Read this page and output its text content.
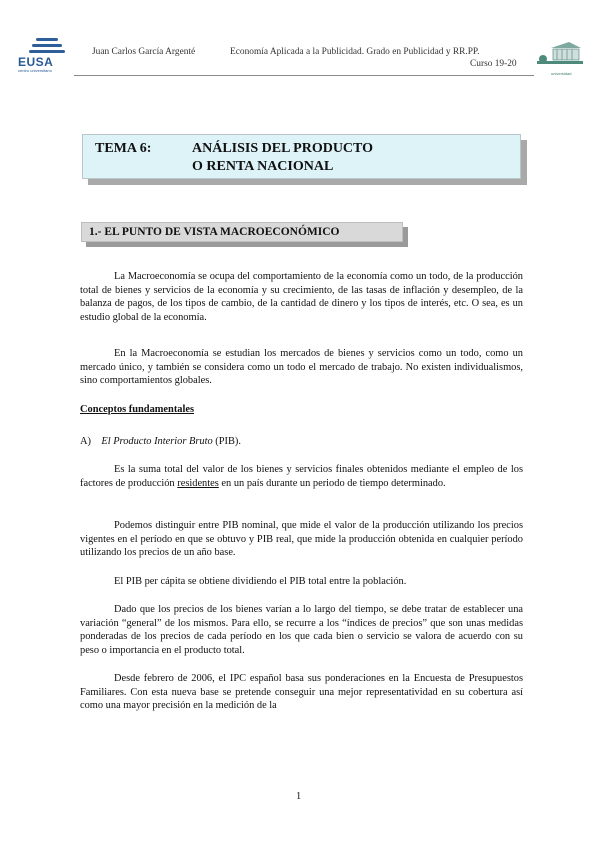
EUSA
centro universitario
Juan Carlos García Argenté	Economía Aplicada a la Publicidad. Grado en Publicidad y RR.PP.
Curso 19-20
universidad
TEMA 6:	ANÁLISIS DEL PRODUCTO
O RENTA NACIONAL
1.- EL PUNTO DE VISTA MACROECONÓMICO

La Macroeconomía se ocupa del comportamiento de la economía como un todo, de la producción total de bienes y servicios de la economía y su crecimiento, de las tasas de inflación y desempleo, de la balanza de pagos, de los tipos de cambio, de la cantidad de dinero y los tipos de interés, etc. O sea, es un estudio global de la economía.

En la Macroeconomía se estudian los mercados de bienes y servicios como un todo, como un mercado único, y también se considera como un todo el mercado de trabajo. No existen individualismos, sino comportamientos globales.

Conceptos fundamentales
A) El Producto Interior Bruto (PIB).

Es la suma total del valor de los bienes y servicios finales obtenidos mediante el empleo de los factores de producción residentes en un país durante un periodo de tiempo determinado.

Podemos distinguir entre PIB nominal, que mide el valor de la producción utilizando los precios vigentes en el período en que se obtuvo y PIB real, que mide la producción obtenida en cualquier período utilizando los precios de un año base.

El PIB per cápita se obtiene dividiendo el PIB total entre la población.

Dado que los precios de los bienes varían a lo largo del tiempo, se debe tratar de establecer una variación “general” de los mismos. Para ello, se recurre a los “índices de precios” que son unas medidas ponderadas de los precios de cada período en los que cada bien o servicio se valora de acuerdo con su peso o importancia en el producto total.

Desde febrero de 2006, el IPC español basa sus ponderaciones en la Encuesta de Presupuestos Familiares. Con esta nueva base se pretende conseguir una mejor representatividad en su cobertura así como una mayor precisión en la medición de la

1
